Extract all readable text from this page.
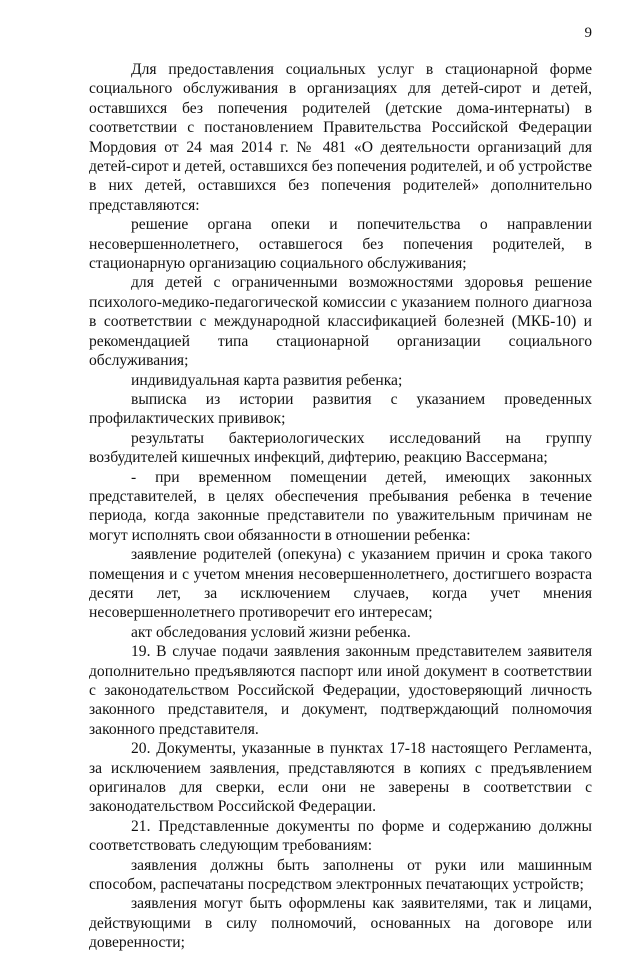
9

Для предоставления социальных услуг в стационарной форме социального обслуживания в организациях для детей-сирот и детей, оставшихся без попечения родителей (детские дома-интернаты) в соответствии с постановлением Правительства Российской Федерации Мордовия от 24 мая 2014 г. № 481 «О деятельности организаций для детей-сирот и детей, оставшихся без попечения родителей, и об устройстве в них детей, оставшихся без попечения родителей» дополнительно представляются:

решение органа опеки и попечительства о направлении несовершеннолетнего, оставшегося без попечения родителей, в стационарную организацию социального обслуживания;

для детей с ограниченными возможностями здоровья решение психолого-медико-педагогической комиссии с указанием полного диагноза в соответствии с международной классификацией болезней (МКБ-10) и рекомендацией типа стационарной организации социального обслуживания;

индивидуальная карта развития ребенка;

выписка из истории развития с указанием проведенных профилактических прививок;

результаты бактериологических исследований на группу возбудителей кишечных инфекций, дифтерию, реакцию Вассермана;

- при временном помещении детей, имеющих законных представителей, в целях обеспечения пребывания ребенка в течение периода, когда законные представители по уважительным причинам не могут исполнять свои обязанности в отношении ребенка:

заявление родителей (опекуна) с указанием причин и срока такого помещения и с учетом мнения несовершеннолетнего, достигшего возраста десяти лет, за исключением случаев, когда учет мнения несовершеннолетнего противоречит его интересам;

акт обследования условий жизни ребенка.

19. В случае подачи заявления законным представителем заявителя дополнительно предъявляются паспорт или иной документ в соответствии с законодательством Российской Федерации, удостоверяющий личность законного представителя, и документ, подтверждающий полномочия законного представителя.

20. Документы, указанные в пунктах 17-18 настоящего Регламента, за исключением заявления, представляются в копиях с предъявлением оригиналов для сверки, если они не заверены в соответствии с законодательством Российской Федерации.

21. Представленные документы по форме и содержанию должны соответствовать следующим требованиям:

заявления должны быть заполнены от руки или машинным способом, распечатаны посредством электронных печатающих устройств;

заявления могут быть оформлены как заявителями, так и лицами, действующими в силу полномочий, основанных на договоре или доверенности;
